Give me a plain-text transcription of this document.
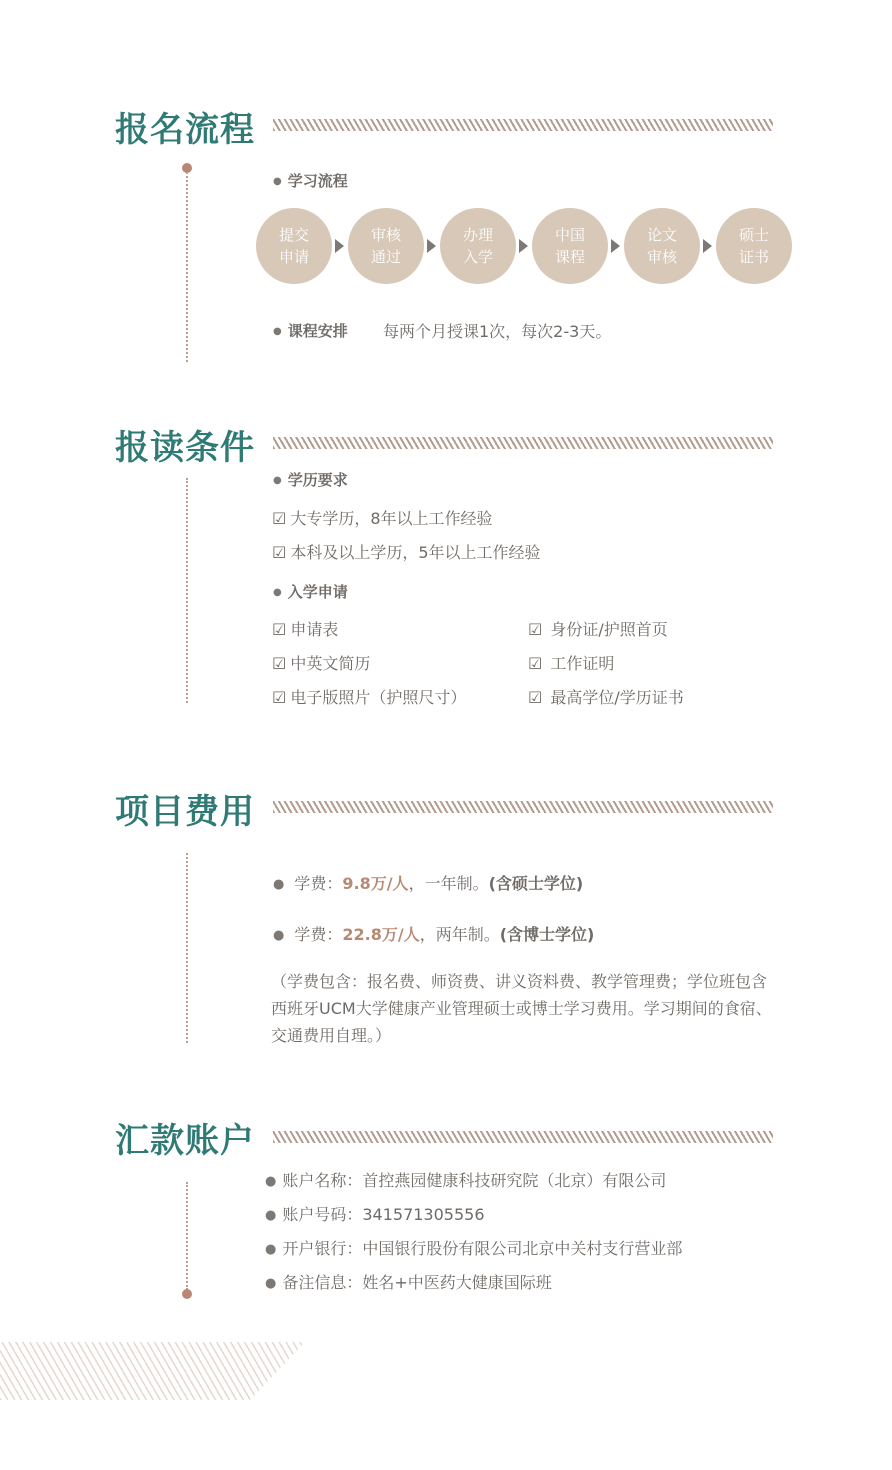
报名流程
● 学习流程
提交
申请
审核
通过
办理
入学
中国
课程
论文
审核
硕士
证书
● 课程安排 每两个月授课1次，每次2-3天。
报读条件
● 学历要求
☑ 大专学历，8年以上工作经验
☑ 本科及以上学历，5年以上工作经验
● 入学申请
☑ 申请表	☑ 身份证/护照首页
☑ 中英文简历	☑ 工作证明
☑ 电子版照片（护照尺寸）	☑ 最高学位/学历证书
项目费用
● 学费：9.8万/人，一年制。(含硕士学位)
● 学费：22.8万/人，两年制。(含博士学位)
（学费包含：报名费、师资费、讲义资料费、教学管理费；学位班包含西班牙UCM大学健康产业管理硕士或博士学习费用。学习期间的食宿、交通费用自理。）
汇款账户
● 账户名称：首控燕园健康科技研究院（北京）有限公司
● 账户号码：341571305556
● 开户银行：中国银行股份有限公司北京中关村支行营业部
● 备注信息：姓名+中医药大健康国际班
